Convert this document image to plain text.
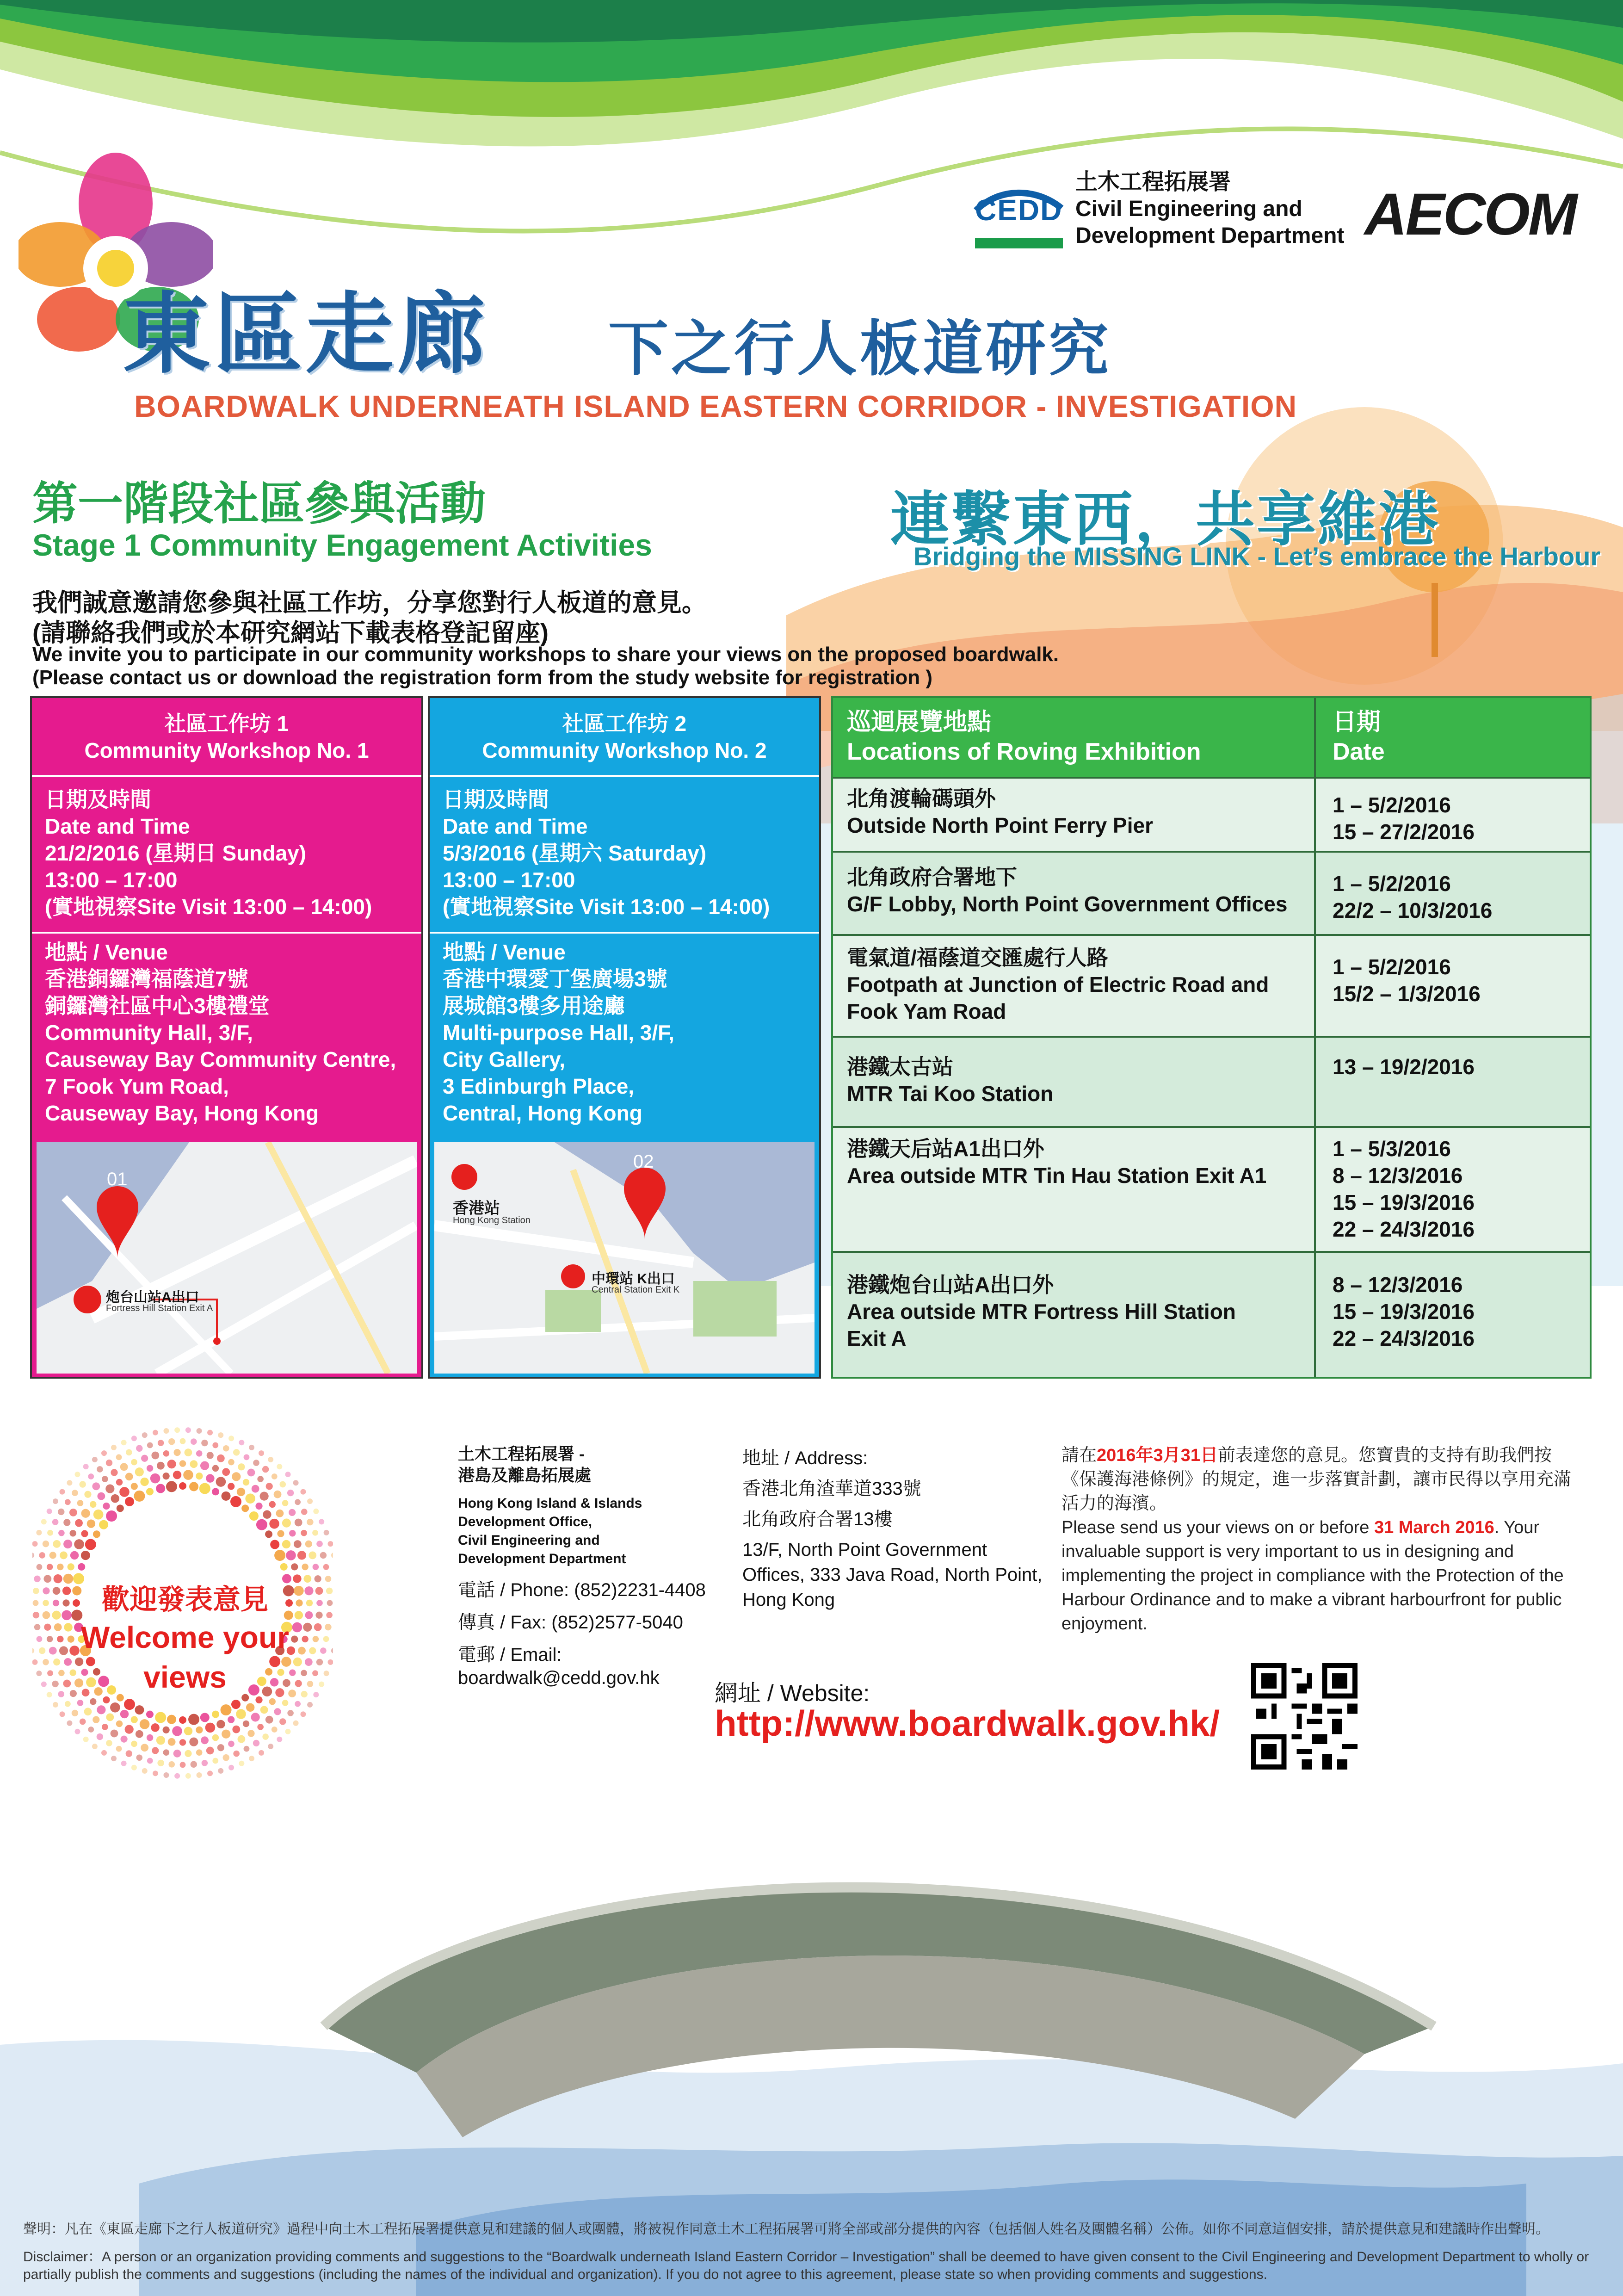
CEDD
土木工程拓展署
Civil Engineering and
Development Department AECOM
東區走廊 下之行人板道研究
BOARDWALK UNDERNEATH ISLAND EASTERN CORRIDOR - INVESTIGATION
第一階段社區參與活動
Stage 1 Community Engagement Activities	連繫東西，共享維港
Bridging the MISSING LINK - Let’s embrace the Harbour
我們誠意邀請您參與社區工作坊，分享您對行人板道的意見。
(請聯絡我們或於本研究網站下載表格登記留座)
We invite you to participate in our community workshops to share your views on the proposed boardwalk.
(Please contact us or download the registration form from the study website for registration )
社區工作坊 1
Community Workshop No. 1
日期及時間
Date and Time
21/2/2016 (星期日 Sunday)
13:00 – 17:00
(實地視察Site Visit 13:00 – 14:00)
地點 / Venue
香港銅鑼灣福蔭道7號
銅鑼灣社區中心3樓禮堂
Community Hall, 3/F,
Causeway Bay Community Centre,
7 Fook Yum Road,
Causeway Bay, Hong Kong
01
炮台山站A出口
Fortress Hill Station Exit A
社區工作坊 2
Community Workshop No. 2
日期及時間
Date and Time
5/3/2016 (星期六 Saturday)
13:00 – 17:00
(實地視察Site Visit 13:00 – 14:00)
地點 / Venue
香港中環愛丁堡廣場3號
展城館3樓多用途廳
Multi-purpose Hall, 3/F,
City Gallery,
3 Edinburgh Place,
Central, Hong Kong
02
香港站
Hong Kong Station
中環站 K出口
Central Station Exit K
巡迴展覽地點
Locations of Roving Exhibition
日期
Date
北角渡輪碼頭外
Outside North Point Ferry Pier
1 – 5/2/2016
15 – 27/2/2016
北角政府合署地下
G/F Lobby, North Point Government Offices
1 – 5/2/2016
22/2 – 10/3/2016
電氣道/福蔭道交匯處行人路
Footpath at Junction of Electric Road and
Fook Yam Road
1 – 5/2/2016
15/2 – 1/3/2016
港鐵太古站
MTR Tai Koo Station
13 – 19/2/2016
港鐵天后站A1出口外
Area outside MTR Tin Hau Station Exit A1
1 – 5/3/2016
8 – 12/3/2016
15 – 19/3/2016
22 – 24/3/2016
港鐵炮台山站A出口外
Area outside MTR Fortress Hill Station
Exit A
8 – 12/3/2016
15 – 19/3/2016
22 – 24/3/2016
歡迎發表意見
Welcome your
views
土木工程拓展署 -
港島及離島拓展處
Hong Kong Island & Islands
Development Office,
Civil Engineering and
Development Department
電話 / Phone: (852)2231-4408
傳真 / Fax: (852)2577-5040
電郵 / Email:
boardwalk@cedd.gov.hk
地址 / Address:
香港北角渣華道333號
北角政府合署13樓
13/F, North Point Government
Offices, 333 Java Road, North Point,
Hong Kong
請在2016年3月31日前表達您的意見。您寶貴的支持有助我們按《保護海港條例》的規定，進一步落實計劃，讓市民得以享用充滿活力的海濱。
Please send us your views on or before 31 March 2016. Your invaluable support is very important to us in designing and implementing the project in compliance with the Protection of the Harbour Ordinance and to make a vibrant harbourfront for public enjoyment.
網址 / Website:
http://www.boardwalk.gov.hk/
聲明：凡在《東區走廊下之行人板道研究》過程中向土木工程拓展署提供意見和建議的個人或團體，將被視作同意土木工程拓展署可將全部或部分提供的內容（包括個人姓名及團體名稱）公佈。如你不同意這個安排，請於提供意見和建議時作出聲明。
Disclaimer：A person or an organization providing comments and suggestions to the “Boardwalk underneath Island Eastern Corridor – Investigation” shall be deemed to have given consent to the Civil Engineering and Development Department to wholly or partially publish the comments and suggestions (including the names of the individual and organization). If you do not agree to this agreement, please state so when providing comments and suggestions.
